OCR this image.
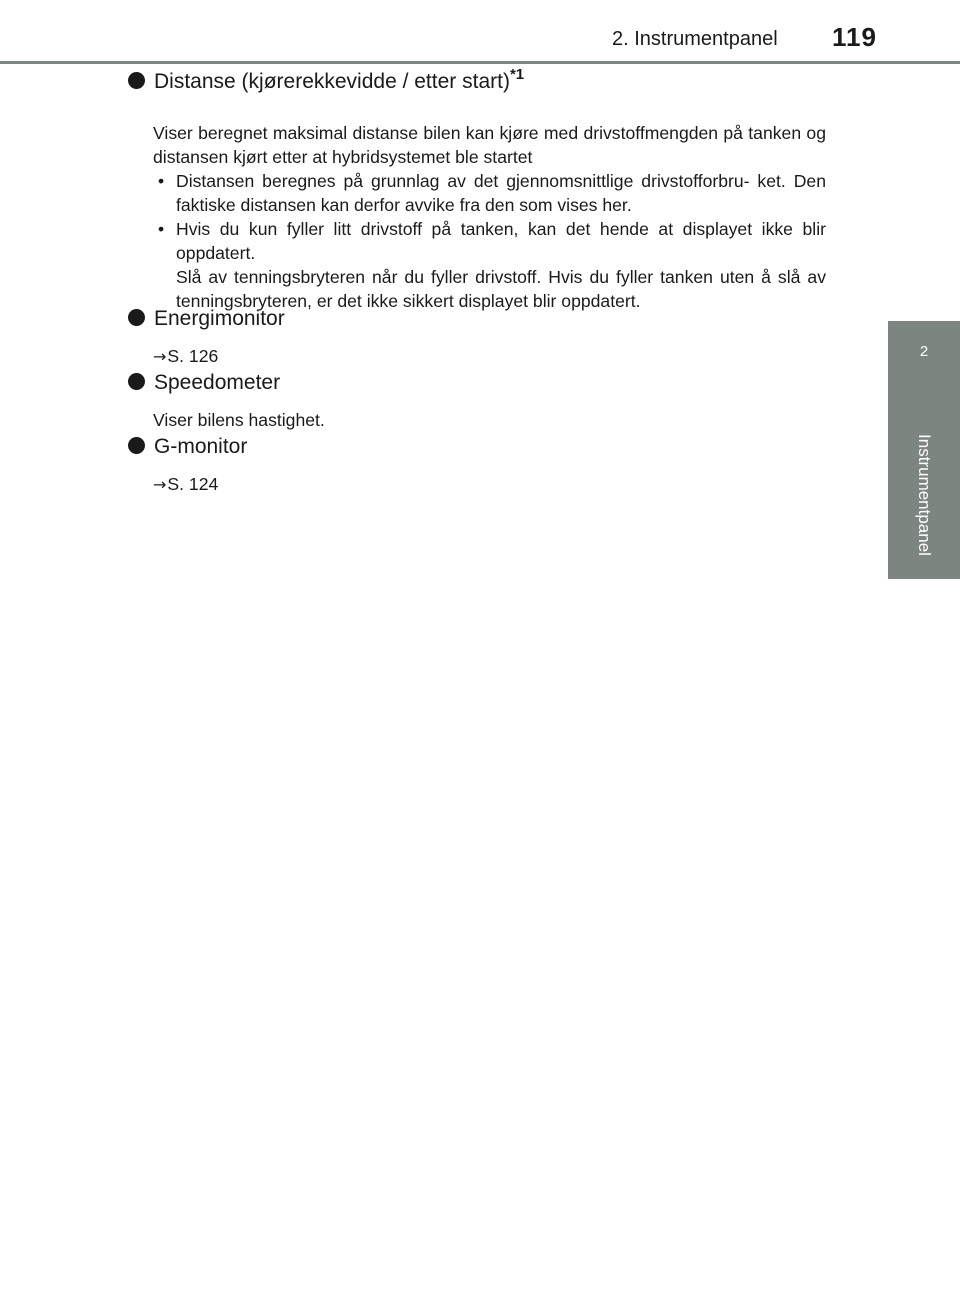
2. Instrumentpanel 119
2
Instrumentpanel
Distanse (kjørerekkevidde / etter start)$^{*1}$
Viser beregnet maksimal distanse bilen kan kjøre med drivstoffmengden på tanken og distansen kjørt etter at hybridsystemet ble startet
• Distansen beregnes på grunnlag av det gjennomsnittlige drivstofforbru- ket. Den faktiske distansen kan derfor avvike fra den som vises her.

• Hvis du kun fyller litt drivstoff på tanken, kan det hende at displayet ikke blir oppdatert.

Slå av tenningsbryteren når du fyller drivstoff. Hvis du fyller tanken uten å slå av tenningsbryteren, er det ikke sikkert displayet blir oppdatert.

Energimonitor
→S. 126
Speedometer
Viser bilens hastighet.
G-monitor
→S. 124
